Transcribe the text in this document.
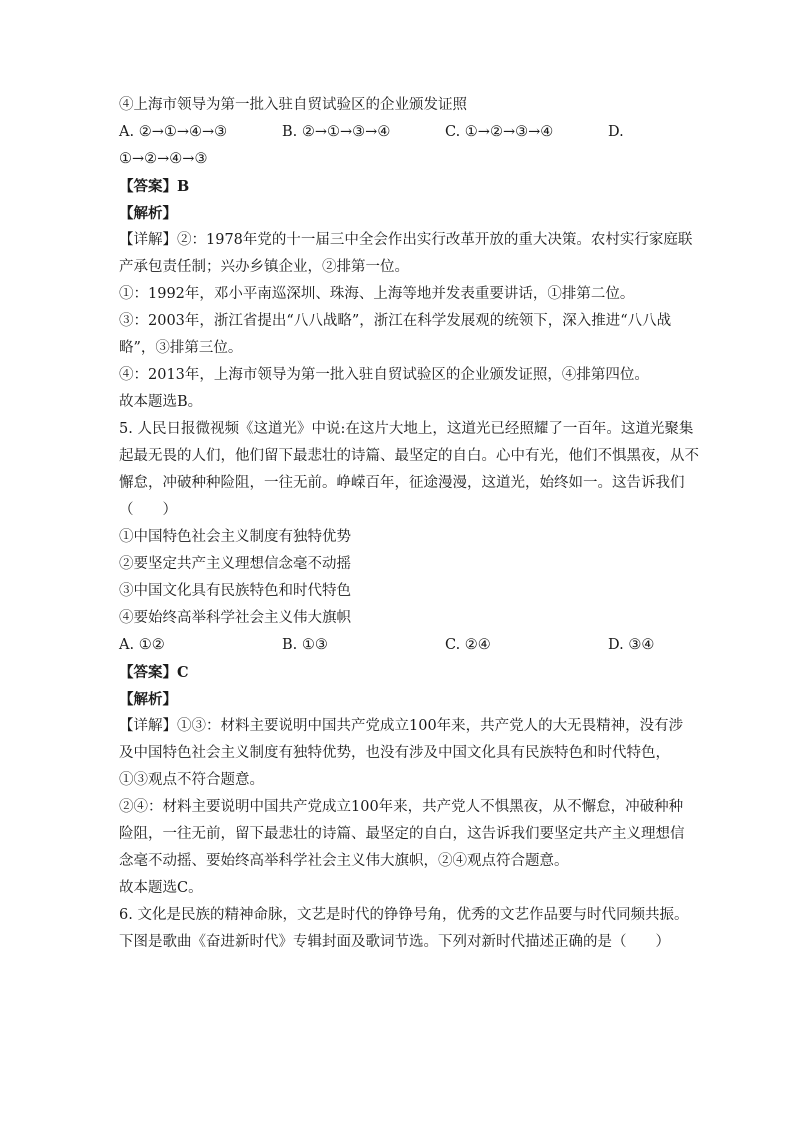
④上海市领导为第一批入驻自贸试验区的企业颁发证照
A. ②→①→④→③	B. ②→①→③→④	C. ①→②→③→④	D.
①→②→④→③
【答案】B
【解析】
【详解】②：1978年党的十一届三中全会作出实行改革开放的重大决策。农村实行家庭联
产承包责任制；兴办乡镇企业，②排第一位。
①：1992年，邓小平南巡深圳、珠海、上海等地并发表重要讲话，①排第二位。
③：2003年，浙江省提出“八八战略”，浙江在科学发展观的统领下，深入推进“八八战
略”，③排第三位。
④：2013年，上海市领导为第一批入驻自贸试验区的企业颁发证照，④排第四位。
故本题选B。
5. 人民日报微视频《这道光》中说:在这片大地上，这道光已经照耀了一百年。这道光聚集
起最无畏的人们，他们留下最悲壮的诗篇、最坚定的自白。心中有光，他们不惧黑夜，从不
懈怠，冲破种种险阻，一往无前。峥嵘百年，征途漫漫，这道光，始终如一。这告诉我们
（　　）
①中国特色社会主义制度有独特优势
②要坚定共产主义理想信念毫不动摇
③中国文化具有民族特色和时代特色
④要始终高举科学社会主义伟大旗帜
A. ①②	B. ①③	C. ②④	D. ③④
【答案】C
【解析】
【详解】①③：材料主要说明中国共产党成立100年来，共产党人的大无畏精神，没有涉
及中国特色社会主义制度有独特优势，也没有涉及中国文化具有民族特色和时代特色，
①③观点不符合题意。
②④：材料主要说明中国共产党成立100年来，共产党人不惧黑夜，从不懈怠，冲破种种
险阻，一往无前，留下最悲壮的诗篇、最坚定的自白，这告诉我们要坚定共产主义理想信
念毫不动摇、要始终高举科学社会主义伟大旗帜，②④观点符合题意。
故本题选C。
6. 文化是民族的精神命脉，文艺是时代的铮铮号角，优秀的文艺作品要与时代同频共振。
下图是歌曲《奋进新时代》专辑封面及歌词节选。下列对新时代描述正确的是（　　）
